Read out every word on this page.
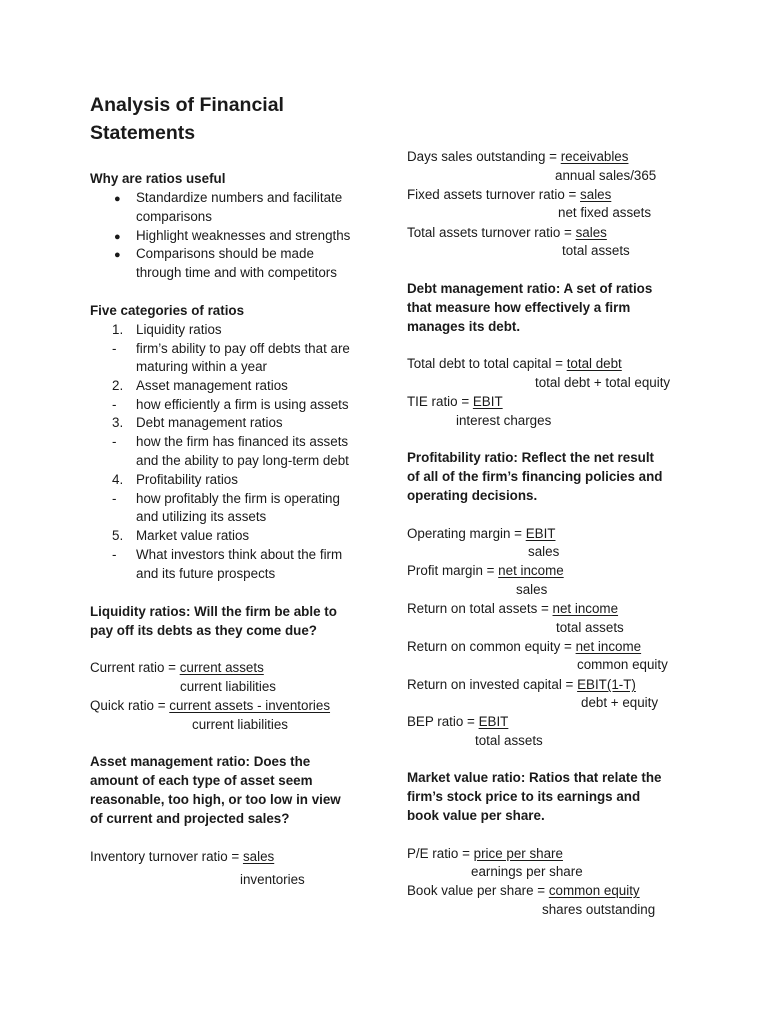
Analysis of Financial
Statements
Why are ratios useful
● Standardize numbers and facilitate
comparisons
● Highlight weaknesses and strengths
● Comparisons should be made
through time and with competitors
Five categories of ratios
1. Liquidity ratios
- firm’s ability to pay off debts that are
maturing within a year
2. Asset management ratios
- how efficiently a firm is using assets
3. Debt management ratios
- how the firm has financed its assets
and the ability to pay long-term debt
4. Profitability ratios
- how profitably the firm is operating
and utilizing its assets
5. Market value ratios
- What investors think about the firm
and its future prospects
Liquidity ratios: Will the firm be able to
pay off its debts as they come due?
Current ratio = current assets
current liabilities
Quick ratio = current assets - inventories
current liabilities
Asset management ratio: Does the
amount of each type of asset seem
reasonable, too high, or too low in view
of current and projected sales?
Inventory turnover ratio = sales
inventories
Days sales outstanding = receivables
annual sales/365
Fixed assets turnover ratio = sales
net fixed assets
Total assets turnover ratio = sales
total assets
Debt management ratio: A set of ratios
that measure how effectively a firm
manages its debt.
Total debt to total capital = total debt
total debt + total equity
TIE ratio = EBIT
interest charges
Profitability ratio: Reflect the net result
of all of the firm’s financing policies and
operating decisions.
Operating margin = EBIT
sales
Profit margin = net income
sales
Return on total assets = net income
total assets
Return on common equity = net income
common equity
Return on invested capital = EBIT(1-T)
debt + equity
BEP ratio = EBIT
total assets
Market value ratio: Ratios that relate the
firm’s stock price to its earnings and
book value per share.
P/E ratio = price per share
earnings per share
Book value per share = common equity
shares outstanding
